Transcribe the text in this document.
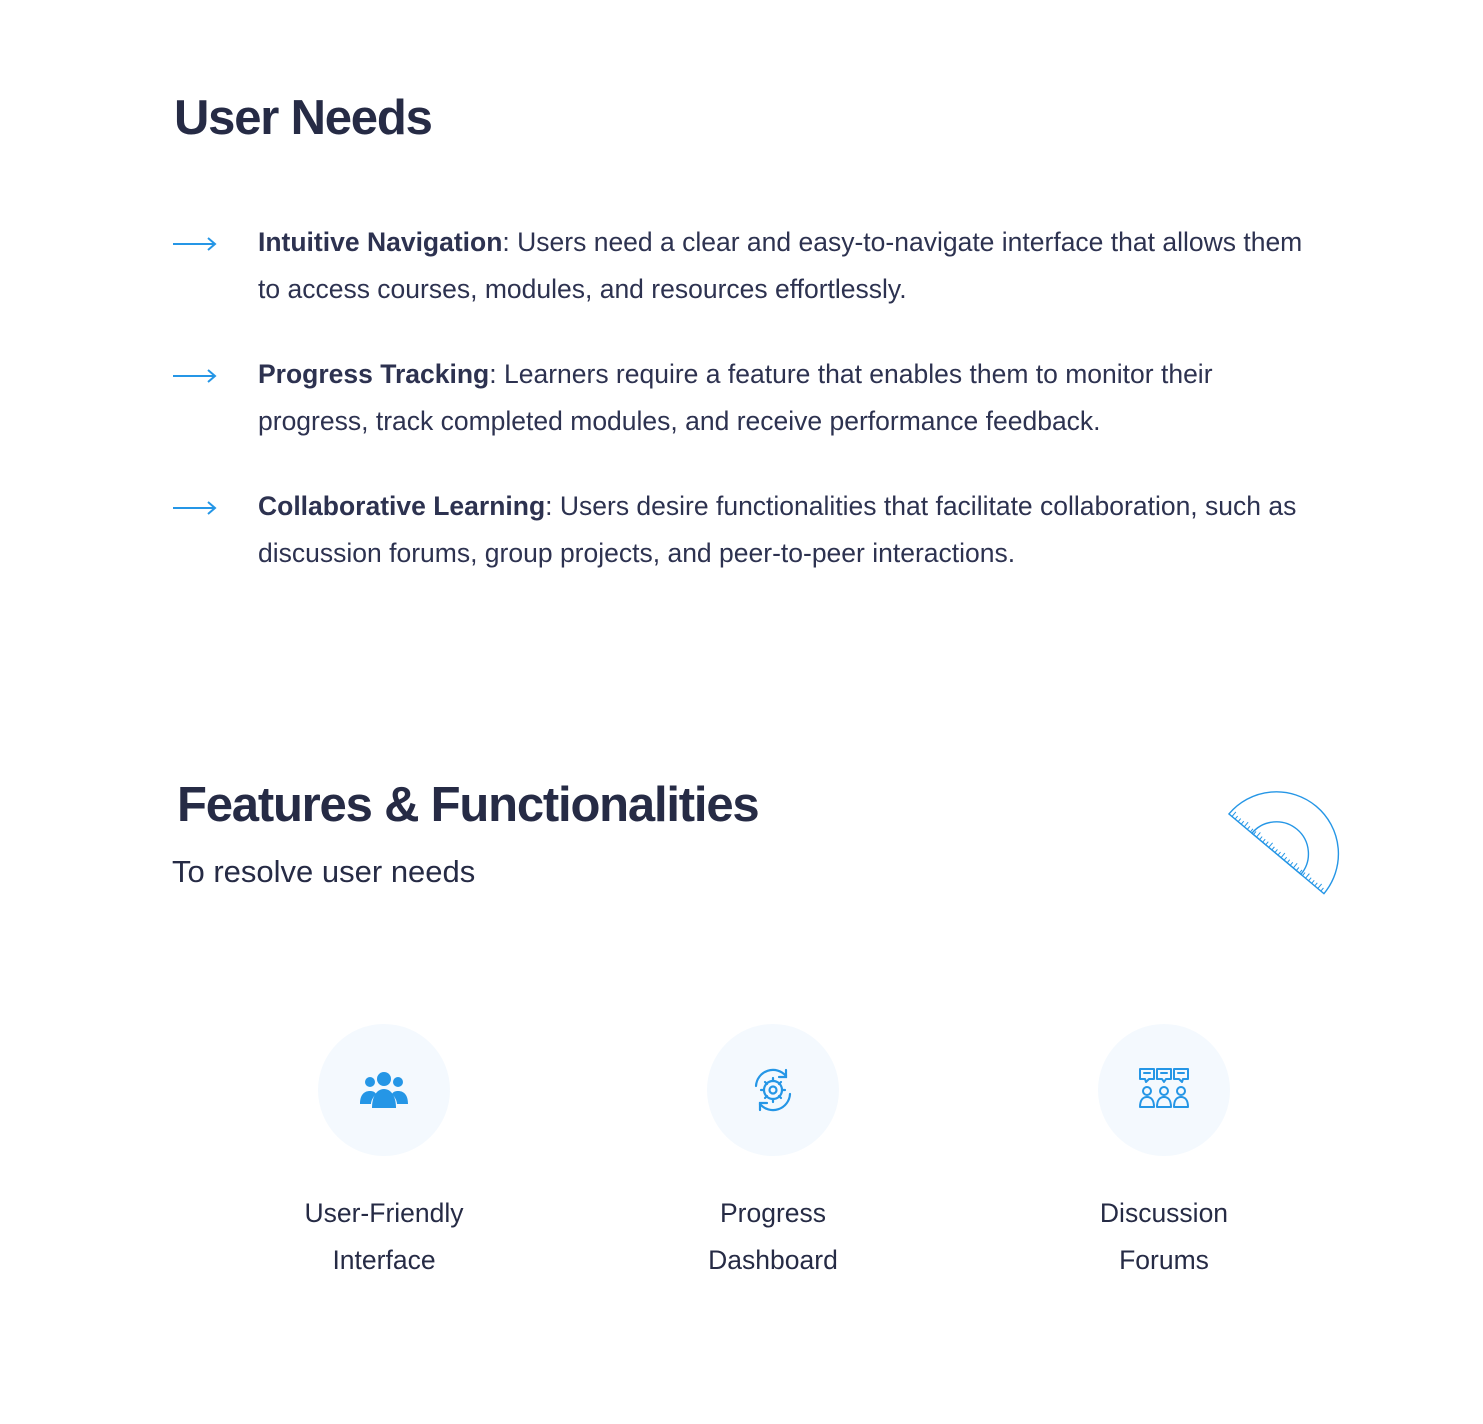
User Needs
Intuitive Navigation: Users need a clear and easy-to-navigate interface that allows them to access courses, modules, and resources effortlessly.
Progress Tracking: Learners require a feature that enables them to monitor their progress, track completed modules, and receive performance feedback.
Collaborative Learning: Users desire functionalities that facilitate collaboration, such as discussion forums, group projects, and peer-to-peer interactions.
Features & Functionalities

To resolve user needs

User-Friendly
Interface
Progress
Dashboard
Discussion
Forums
